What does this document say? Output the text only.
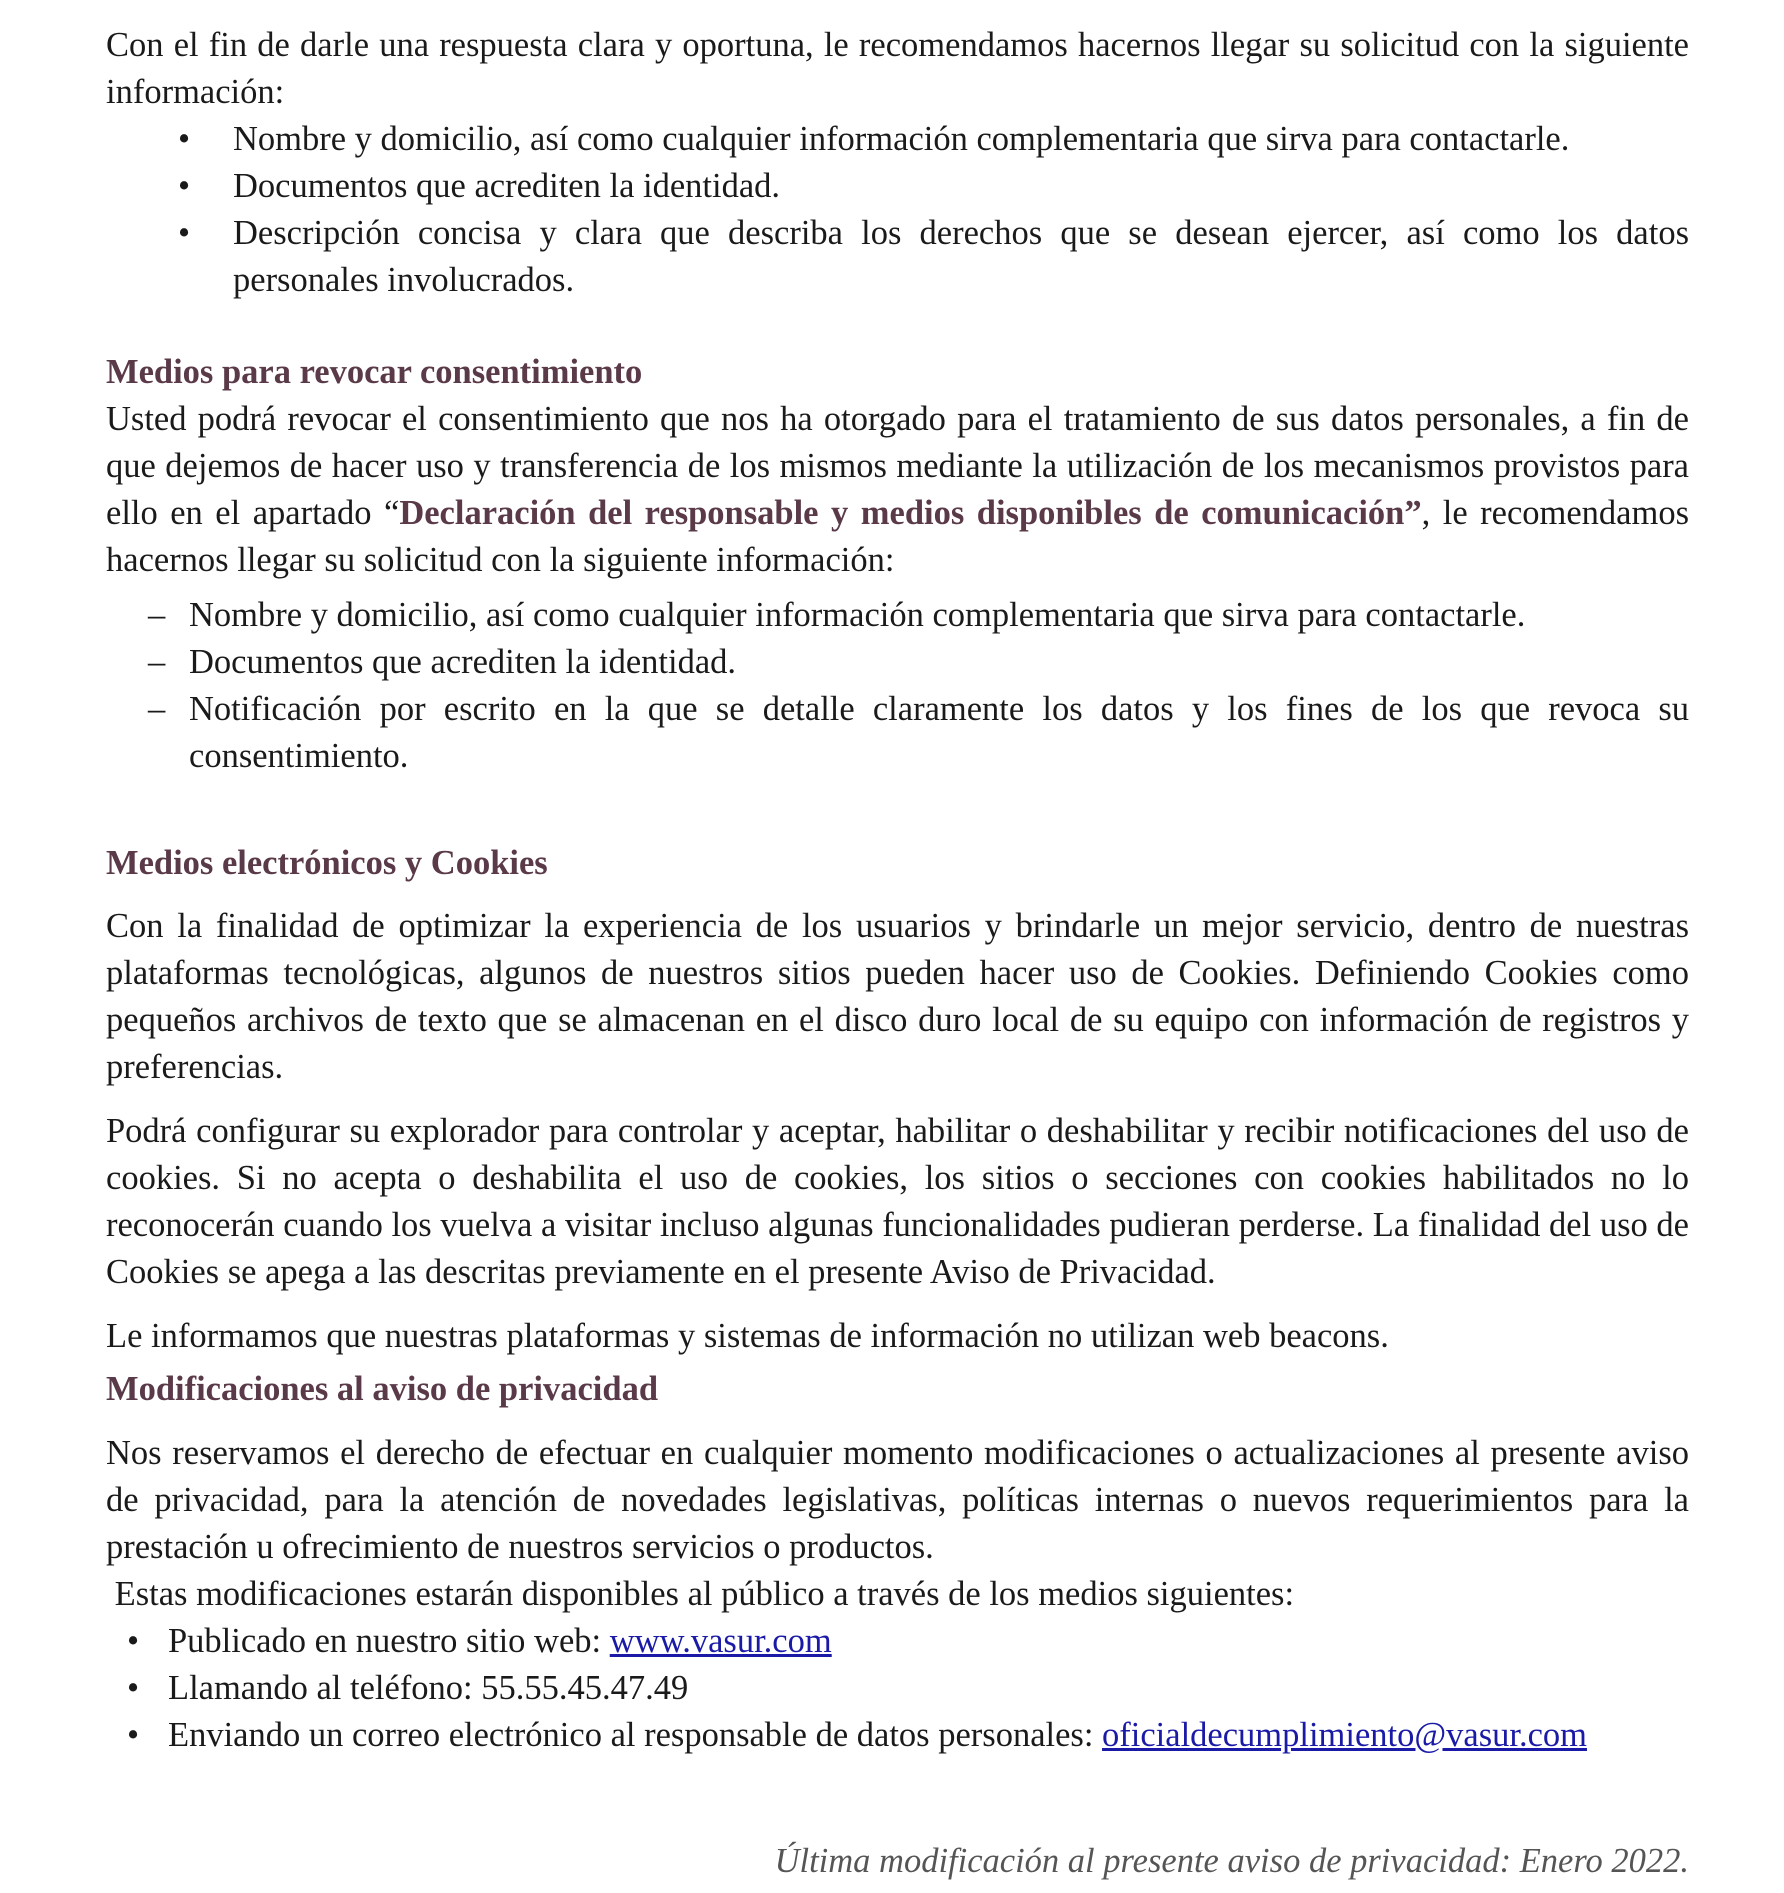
Con el fin de darle una respuesta clara y oportuna, le recomendamos hacernos llegar su solicitud con la siguiente información:

• Nombre y domicilio, así como cualquier información complementaria que sirva para contactarle.
• Documentos que acrediten la identidad.
• Descripción concisa y clara que describa los derechos que se desean ejercer, así como los datos personales involucrados.
Medios para revocar consentimiento

Usted podrá revocar el consentimiento que nos ha otorgado para el tratamiento de sus datos personales, a fin de que dejemos de hacer uso y transferencia de los mismos mediante la utilización de los mecanismos provistos para ello en el apartado “Declaración del responsable y medios disponibles de comunicación”, le recomendamos hacernos llegar su solicitud con la siguiente información:

– Nombre y domicilio, así como cualquier información complementaria que sirva para contactarle.
– Documentos que acrediten la identidad.
– Notificación por escrito en la que se detalle claramente los datos y los fines de los que revoca su consentimiento.
Medios electrónicos y Cookies

Con la finalidad de optimizar la experiencia de los usuarios y brindarle un mejor servicio, dentro de nuestras plataformas tecnológicas, algunos de nuestros sitios pueden hacer uso de Cookies. Definiendo Cookies como pequeños archivos de texto que se almacenan en el disco duro local de su equipo con información de registros y preferencias.

Podrá configurar su explorador para controlar y aceptar, habilitar o deshabilitar y recibir notificaciones del uso de cookies. Si no acepta o deshabilita el uso de cookies, los sitios o secciones con cookies habilitados no lo reconocerán cuando los vuelva a visitar incluso algunas funcionalidades pudieran perderse. La finalidad del uso de Cookies se apega a las descritas previamente en el presente Aviso de Privacidad.

Le informamos que nuestras plataformas y sistemas de información no utilizan web beacons.

Modificaciones al aviso de privacidad

Nos reservamos el derecho de efectuar en cualquier momento modificaciones o actualizaciones al presente aviso de privacidad, para la atención de novedades legislativas, políticas internas o nuevos requerimientos para la prestación u ofrecimiento de nuestros servicios o productos.

Estas modificaciones estarán disponibles al público a través de los medios siguientes:

• Publicado en nuestro sitio web: www.vasur.com
• Llamando al teléfono: 55.55.45.47.49
• Enviando un correo electrónico al responsable de datos personales: oficialdecumplimiento@vasur.com
Última modificación al presente aviso de privacidad: Enero 2022.
